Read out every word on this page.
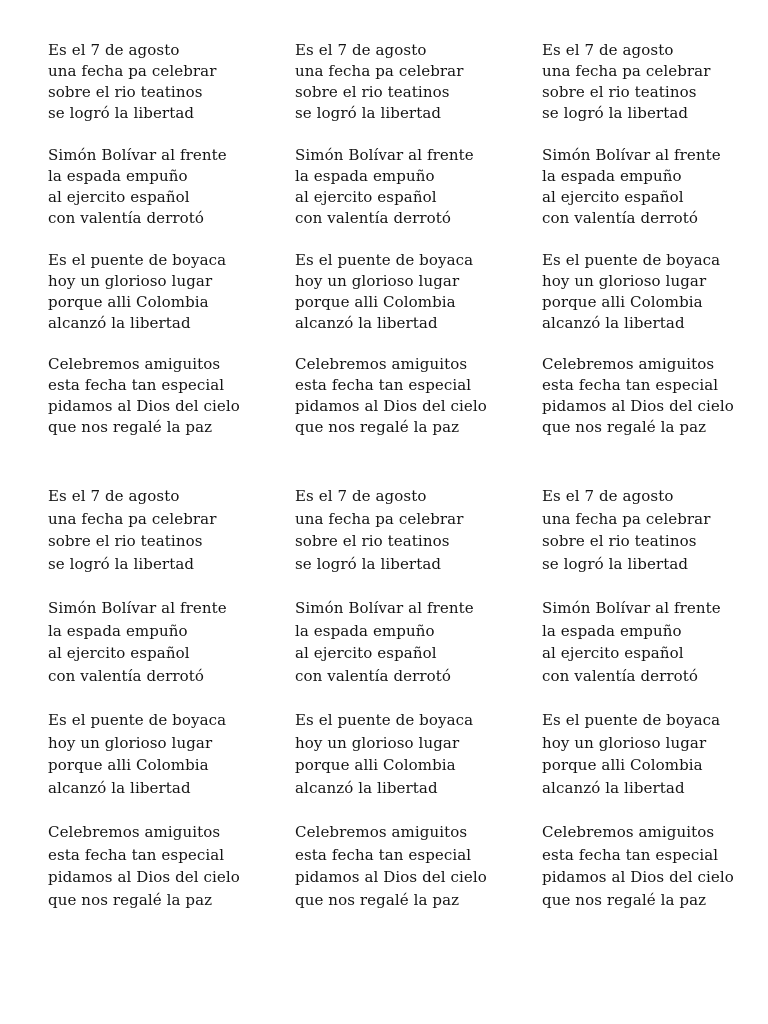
Es el 7 de agosto
una fecha pa celebrar
sobre el rio teatinos
se logró la libertad
Simón Bolívar al frente
la espada empuño
al ejercito español
con valentía derrotó
Es el puente de boyaca
hoy un glorioso lugar
porque alli Colombia
alcanzó la libertad
Celebremos amiguitos
esta fecha tan especial
pidamos al Dios del cielo
que nos regalé la paz
Es el 7 de agosto
una fecha pa celebrar
sobre el rio teatinos
se logró la libertad
Simón Bolívar al frente
la espada empuño
al ejercito español
con valentía derrotó
Es el puente de boyaca
hoy un glorioso lugar
porque alli Colombia
alcanzó la libertad
Celebremos amiguitos
esta fecha tan especial
pidamos al Dios del cielo
que nos regalé la paz
Es el 7 de agosto
una fecha pa celebrar
sobre el rio teatinos
se logró la libertad
Simón Bolívar al frente
la espada empuño
al ejercito español
con valentía derrotó
Es el puente de boyaca
hoy un glorioso lugar
porque alli Colombia
alcanzó la libertad
Celebremos amiguitos
esta fecha tan especial
pidamos al Dios del cielo
que nos regalé la paz
Es el 7 de agosto
una fecha pa celebrar
sobre el rio teatinos
se logró la libertad
Simón Bolívar al frente
la espada empuño
al ejercito español
con valentía derrotó
Es el puente de boyaca
hoy un glorioso lugar
porque alli Colombia
alcanzó la libertad
Celebremos amiguitos
esta fecha tan especial
pidamos al Dios del cielo
que nos regalé la paz
Es el 7 de agosto
una fecha pa celebrar
sobre el rio teatinos
se logró la libertad
Simón Bolívar al frente
la espada empuño
al ejercito español
con valentía derrotó
Es el puente de boyaca
hoy un glorioso lugar
porque alli Colombia
alcanzó la libertad
Celebremos amiguitos
esta fecha tan especial
pidamos al Dios del cielo
que nos regalé la paz
Es el 7 de agosto
una fecha pa celebrar
sobre el rio teatinos
se logró la libertad
Simón Bolívar al frente
la espada empuño
al ejercito español
con valentía derrotó
Es el puente de boyaca
hoy un glorioso lugar
porque alli Colombia
alcanzó la libertad
Celebremos amiguitos
esta fecha tan especial
pidamos al Dios del cielo
que nos regalé la paz
